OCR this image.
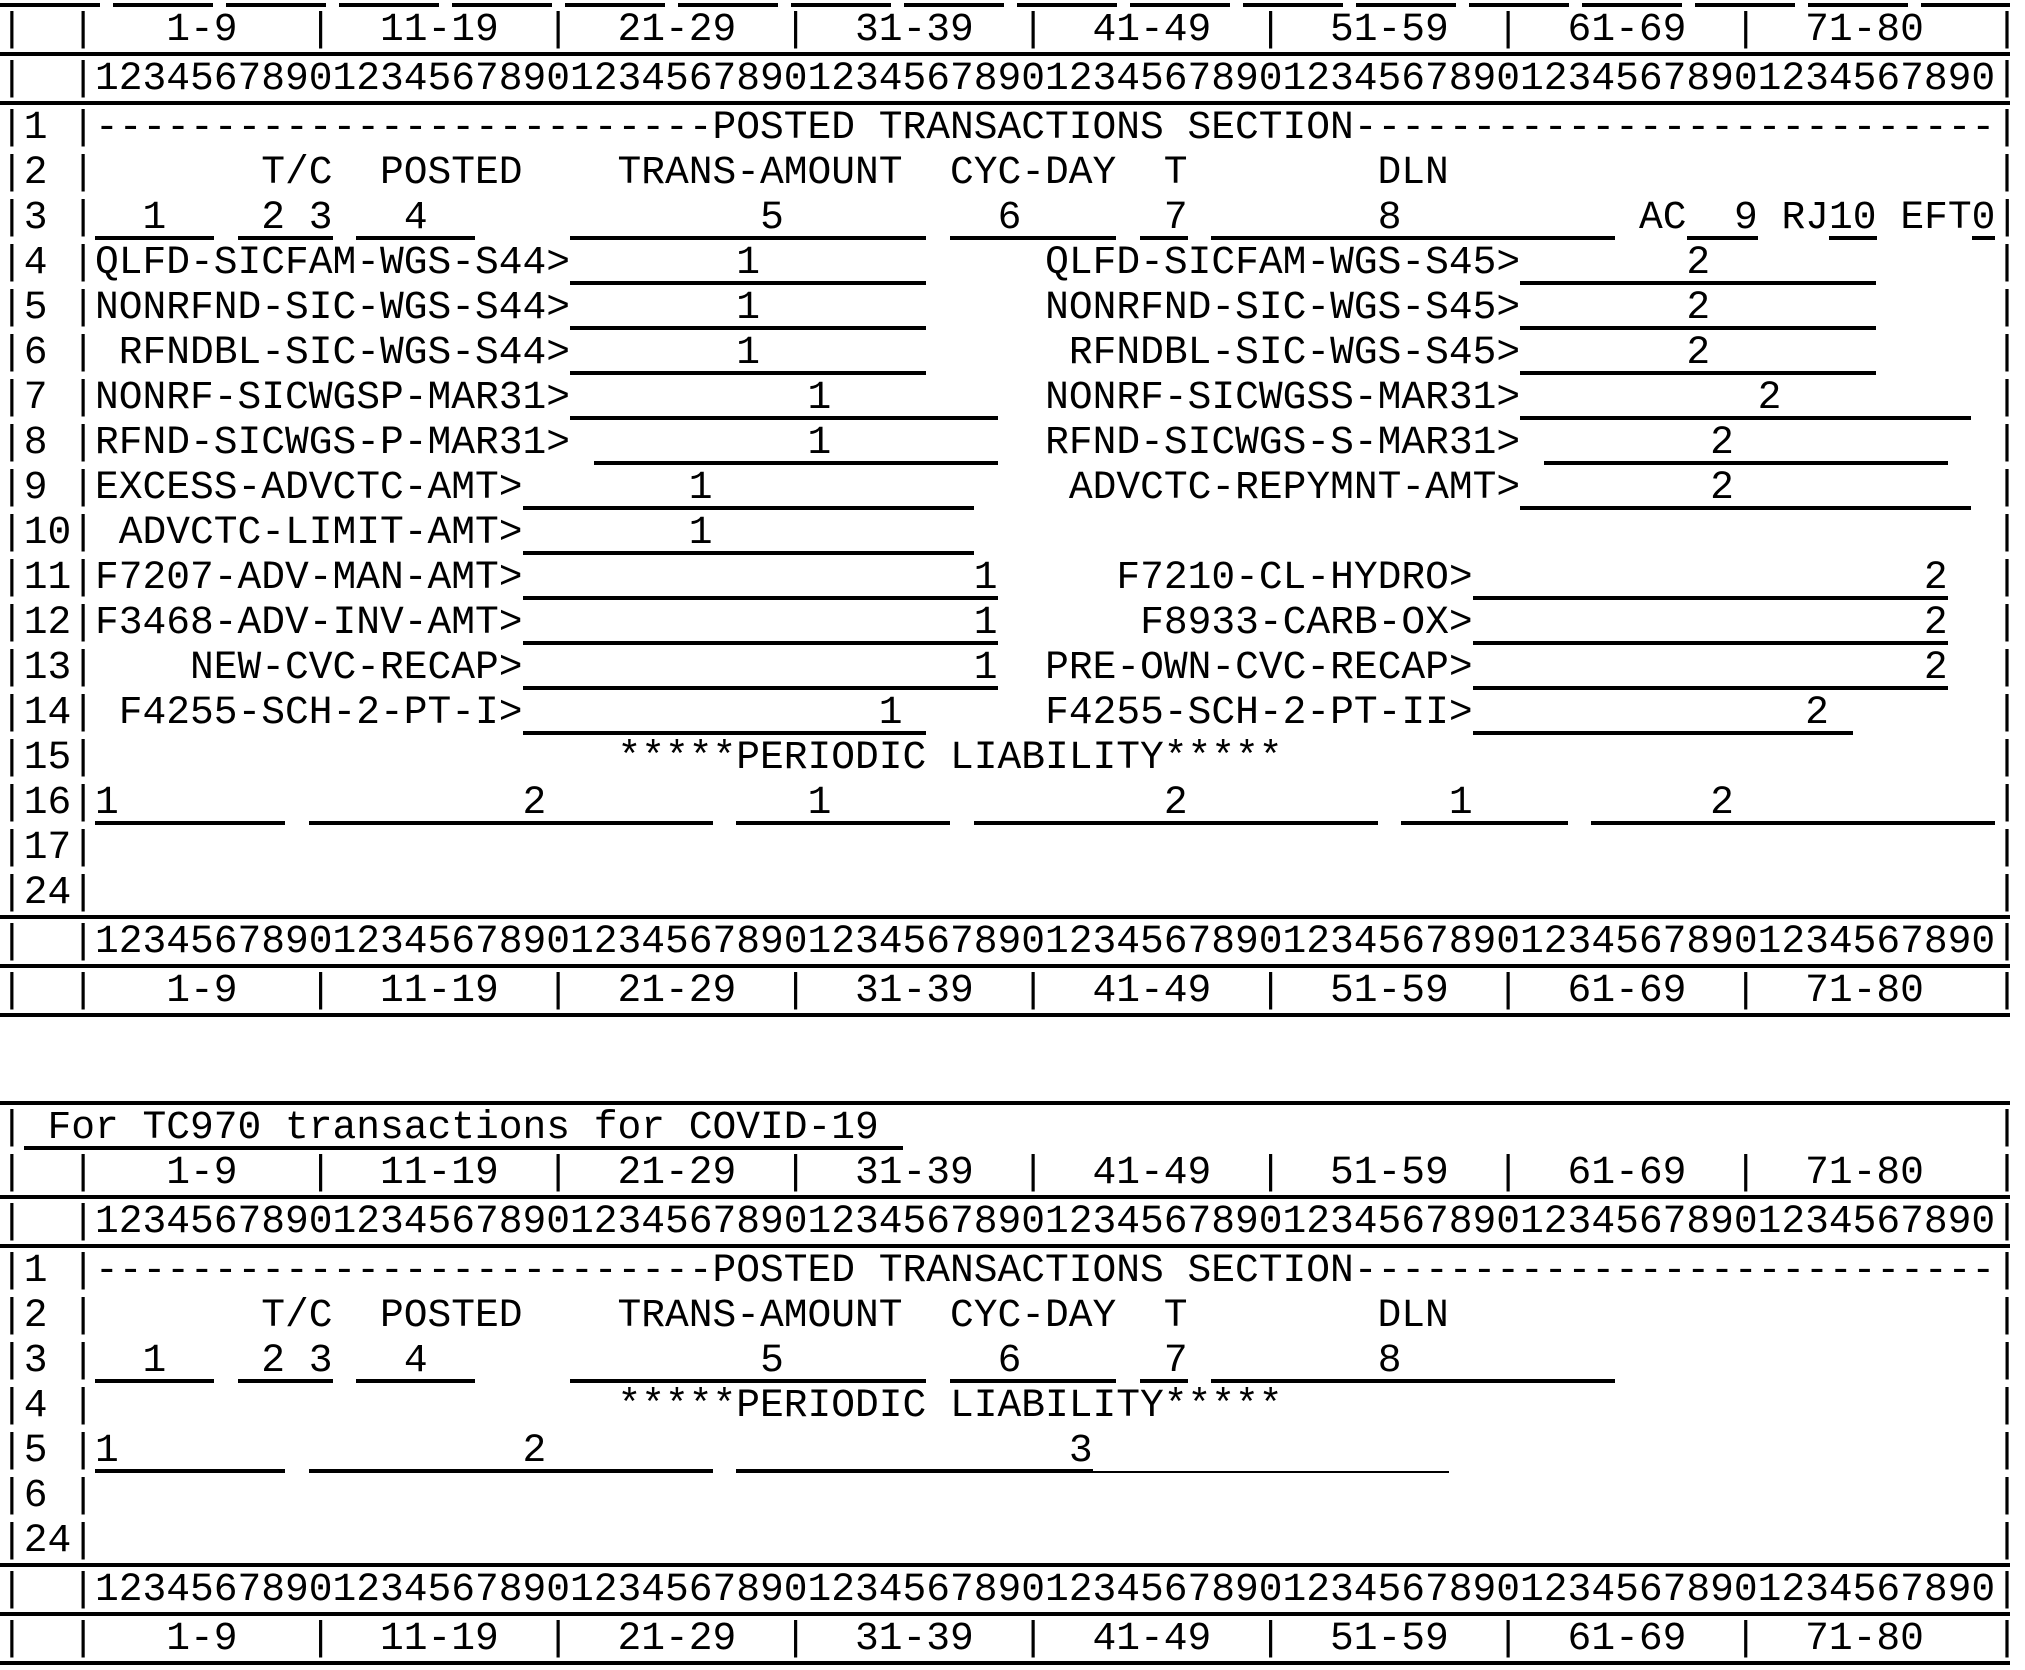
|  |   1-9   |  11-19  |  21-29  |  31-39  |  41-49  |  51-59  |  61-69  |  71-80   |
|  |12345678901234567890123456789012345678901234567890123456789012345678901234567890|
|1 |--------------------------POSTED TRANSACTIONS SECTION---------------------------|
|2 |       T/C  POSTED    TRANS-AMOUNT  CYC-DAY  T        DLN                       |
|3 |  1    2 3   4              5         6      7        8          AC  9 RJ10 EFT0|
|4 |QLFD-SICFAM-WGS-S44>       1	QLFD-SICFAM-WGS-S45>       2	|
|5 |NONRFND-SIC-WGS-S44>       1	NONRFND-SIC-WGS-S45>       2	|
|6 | RFNDBL-SIC-WGS-S44>       1	RFNDBL-SIC-WGS-S45>       2	|
|7 |NONRF-SICWGSP-MAR31>          1         NONRF-SICWGSS-MAR31>          2         |
|8 |RFND-SICWGS-P-MAR31>          1         RFND-SICWGS-S-MAR31>        2           |
|9 |EXCESS-ADVCTC-AMT>       1               ADVCTC-REPYMNT-AMT>        2           |
|10| ADVCTC-LIMIT-AMT>       1	|
|11|F7207-ADV-MAN-AMT>                   1	F7210-CL-HYDRO>                   2 |
|12|F3468-ADV-INV-AMT>                   1	F8933-CARB-OX>                   2 |
|13|    NEW-CVC-RECAP>                   1 PRE-OWN-CVC-RECAP>                   2 |
|14| F4255-SCH-2-PT-I>               1	F4255-SCH-2-PT-II>              2	|
|15|                      *****PERIODIC LIABILITY*****                              |
|16|1                 2           1              2           1          2           |
|17|	|
|24|	|
|  |12345678901234567890123456789012345678901234567890123456789012345678901234567890|
|  |   1-9   |  11-19  |  21-29  |  31-39  |  41-49  |  51-59  |  61-69  |  71-80   |
| For TC970 transactions for COVID-19	|
|  |   1-9   |  11-19  |  21-29  |  31-39  |  41-49  |  51-59  |  61-69  |  71-80   |
|  |12345678901234567890123456789012345678901234567890123456789012345678901234567890|
|1 |--------------------------POSTED TRANSACTIONS SECTION---------------------------|
|2 |       T/C  POSTED    TRANS-AMOUNT  CYC-DAY  T        DLN                       |
|3 |  1    2 3   4              5         6      7        8	|
|4 |                      *****PERIODIC LIABILITY*****                              |
|5 |1                 2                      3	|
|6 |	|
|24|	|
|  |12345678901234567890123456789012345678901234567890123456789012345678901234567890|
|  |   1-9   |  11-19  |  21-29  |  31-39  |  41-49  |  51-59  |  61-69  |  71-80   |
